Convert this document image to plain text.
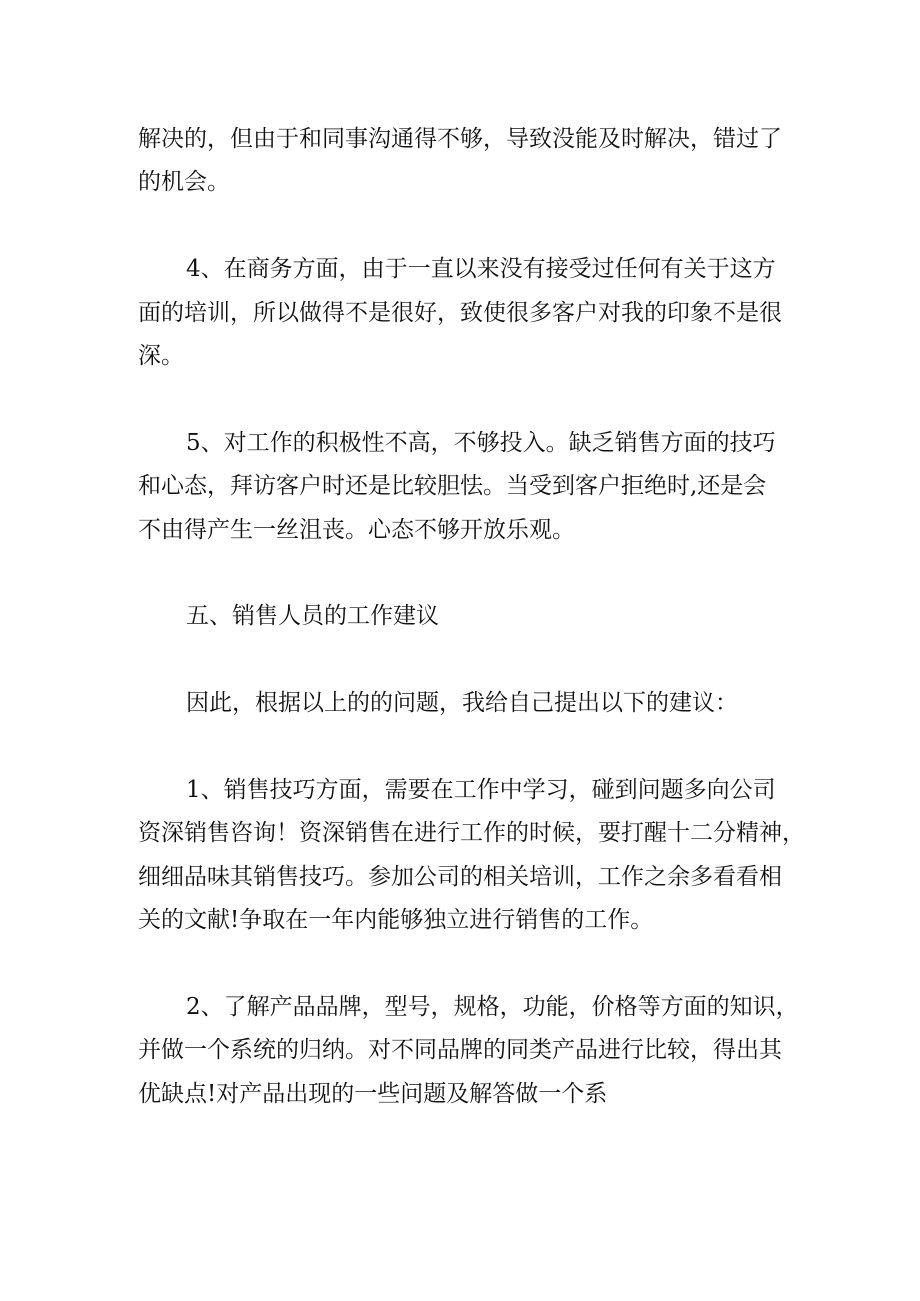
解决的，但由于和同事沟通得不够，导致没能及时解决，错过了
的机会。
4、在商务方面，由于一直以来没有接受过任何有关于这方
面的培训，所以做得不是很好，致使很多客户对我的印象不是很
深。
5、对工作的积极性不高，不够投入。缺乏销售方面的技巧
和心态，拜访客户时还是比较胆怯。当受到客户拒绝时,还是会
不由得产生一丝沮丧。心态不够开放乐观。
五、销售人员的工作建议
因此，根据以上的的问题，我给自己提出以下的建议：
1、销售技巧方面，需要在工作中学习，碰到问题多向公司
资深销售咨询！资深销售在进行工作的时候，要打醒十二分精神，
细细品味其销售技巧。参加公司的相关培训，工作之余多看看相
关的文献!争取在一年内能够独立进行销售的工作。
2、了解产品品牌，型号，规格，功能，价格等方面的知识，
并做一个系统的归纳。对不同品牌的同类产品进行比较，得出其
优缺点!对产品出现的一些问题及解答做一个系
